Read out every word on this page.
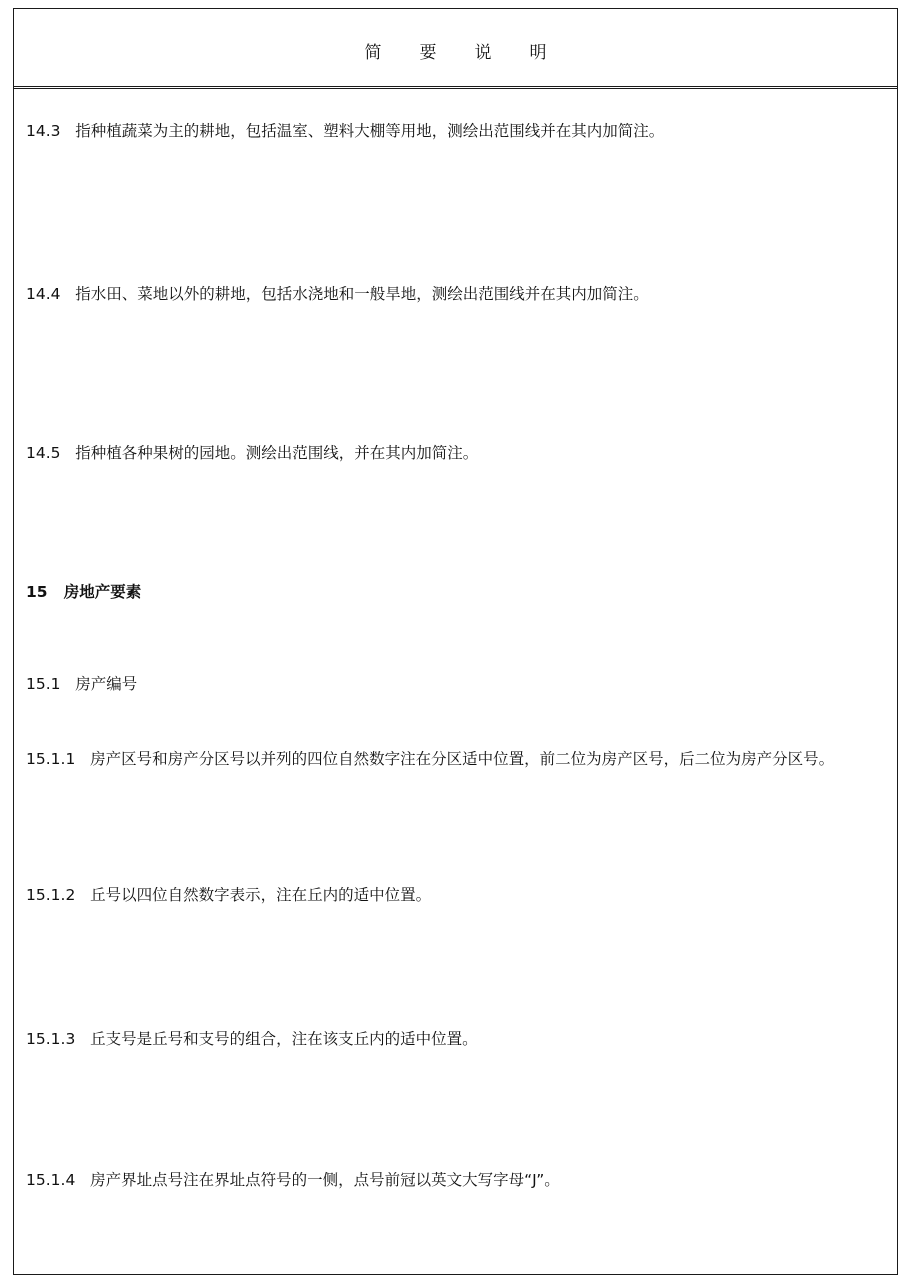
简要说明
14.3 指种植蔬菜为主的耕地，包括温室、塑料大棚等用地，测绘出范围线并在其内加简注。
14.4 指水田、菜地以外的耕地，包括水浇地和一般旱地，测绘出范围线并在其内加简注。
14.5 指种植各种果树的园地。测绘出范围线，并在其内加简注。
15 房地产要素
15.1 房产编号
15.1.1 房产区号和房产分区号以并列的四位自然数字注在分区适中位置，前二位为房产区号，后二位为房产分区号。
15.1.2 丘号以四位自然数字表示，注在丘内的适中位置。
15.1.3 丘支号是丘号和支号的组合，注在该支丘内的适中位置。
15.1.4 房产界址点号注在界址点符号的一侧，点号前冠以英文大写字母“J”。
